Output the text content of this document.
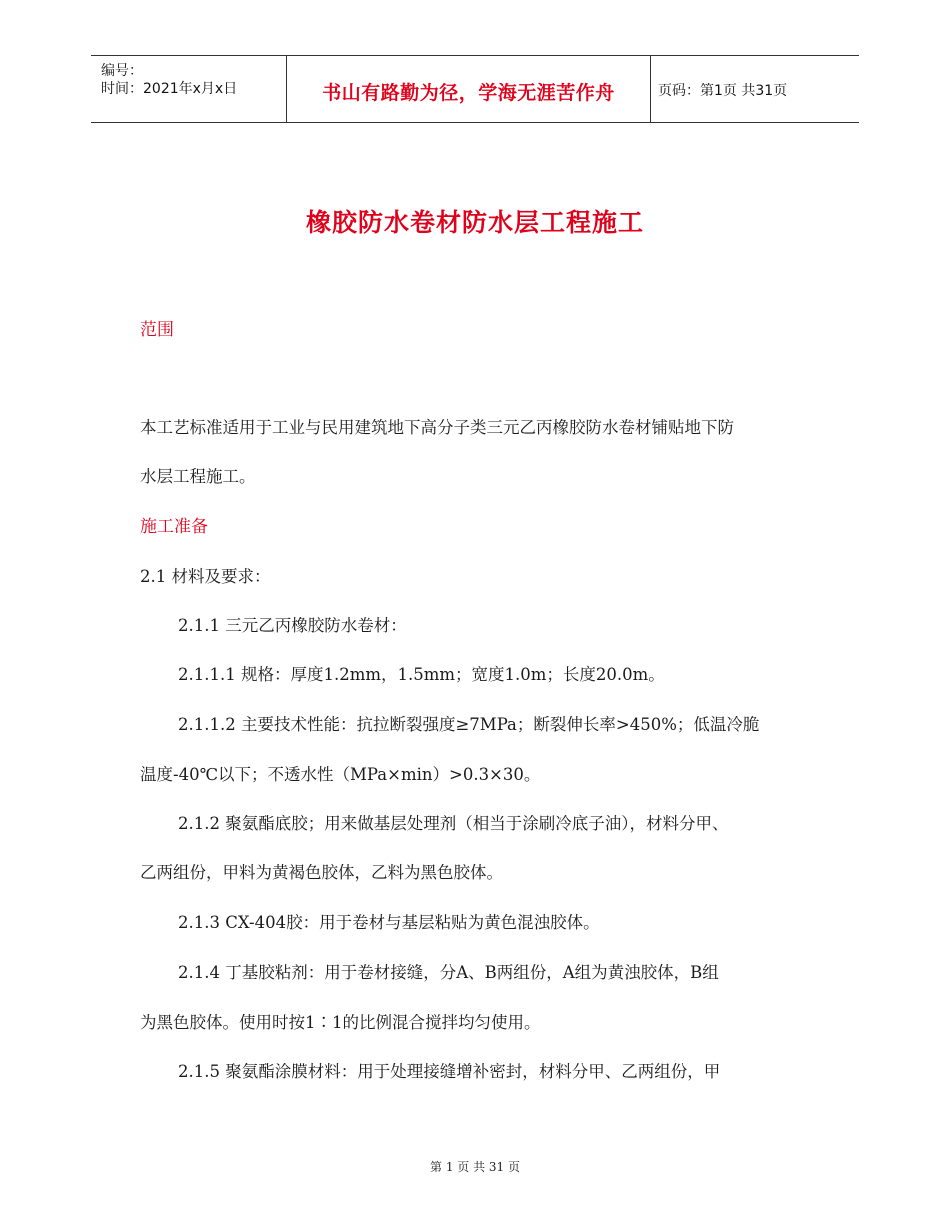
编号：
时间：2021年x月x日	书山有路勤为径，学海无涯苦作舟	页码：第1页 共31页
橡胶防水卷材防水层工程施工
范围
本工艺标准适用于工业与民用建筑地下高分子类三元乙丙橡胶防水卷材铺贴地下防
水层工程施工。
施工准备
2.1 材料及要求：
2.1.1 三元乙丙橡胶防水卷材：
2.1.1.1 规格：厚度1.2mm，1.5mm；宽度1.0m；长度20.0m。
2.1.1.2 主要技术性能：抗拉断裂强度≥7MPa；断裂伸长率>450%；低温冷脆
温度-40℃以下；不透水性（MPa×min）>0.3×30。
2.1.2 聚氨酯底胶；用来做基层处理剂（相当于涂刷冷底子油），材料分甲、
乙两组份，甲料为黄褐色胶体，乙料为黑色胶体。
2.1.3 CX-404胶：用于卷材与基层粘贴为黄色混浊胶体。
2.1.4 丁基胶粘剂：用于卷材接缝，分A、B两组份，A组为黄浊胶体，B组
为黑色胶体。使用时按1∶1的比例混合搅拌均匀使用。
2.1.5 聚氨酯涂膜材料：用于处理接缝增补密封，材料分甲、乙两组份，甲
第 1 页 共 31 页
